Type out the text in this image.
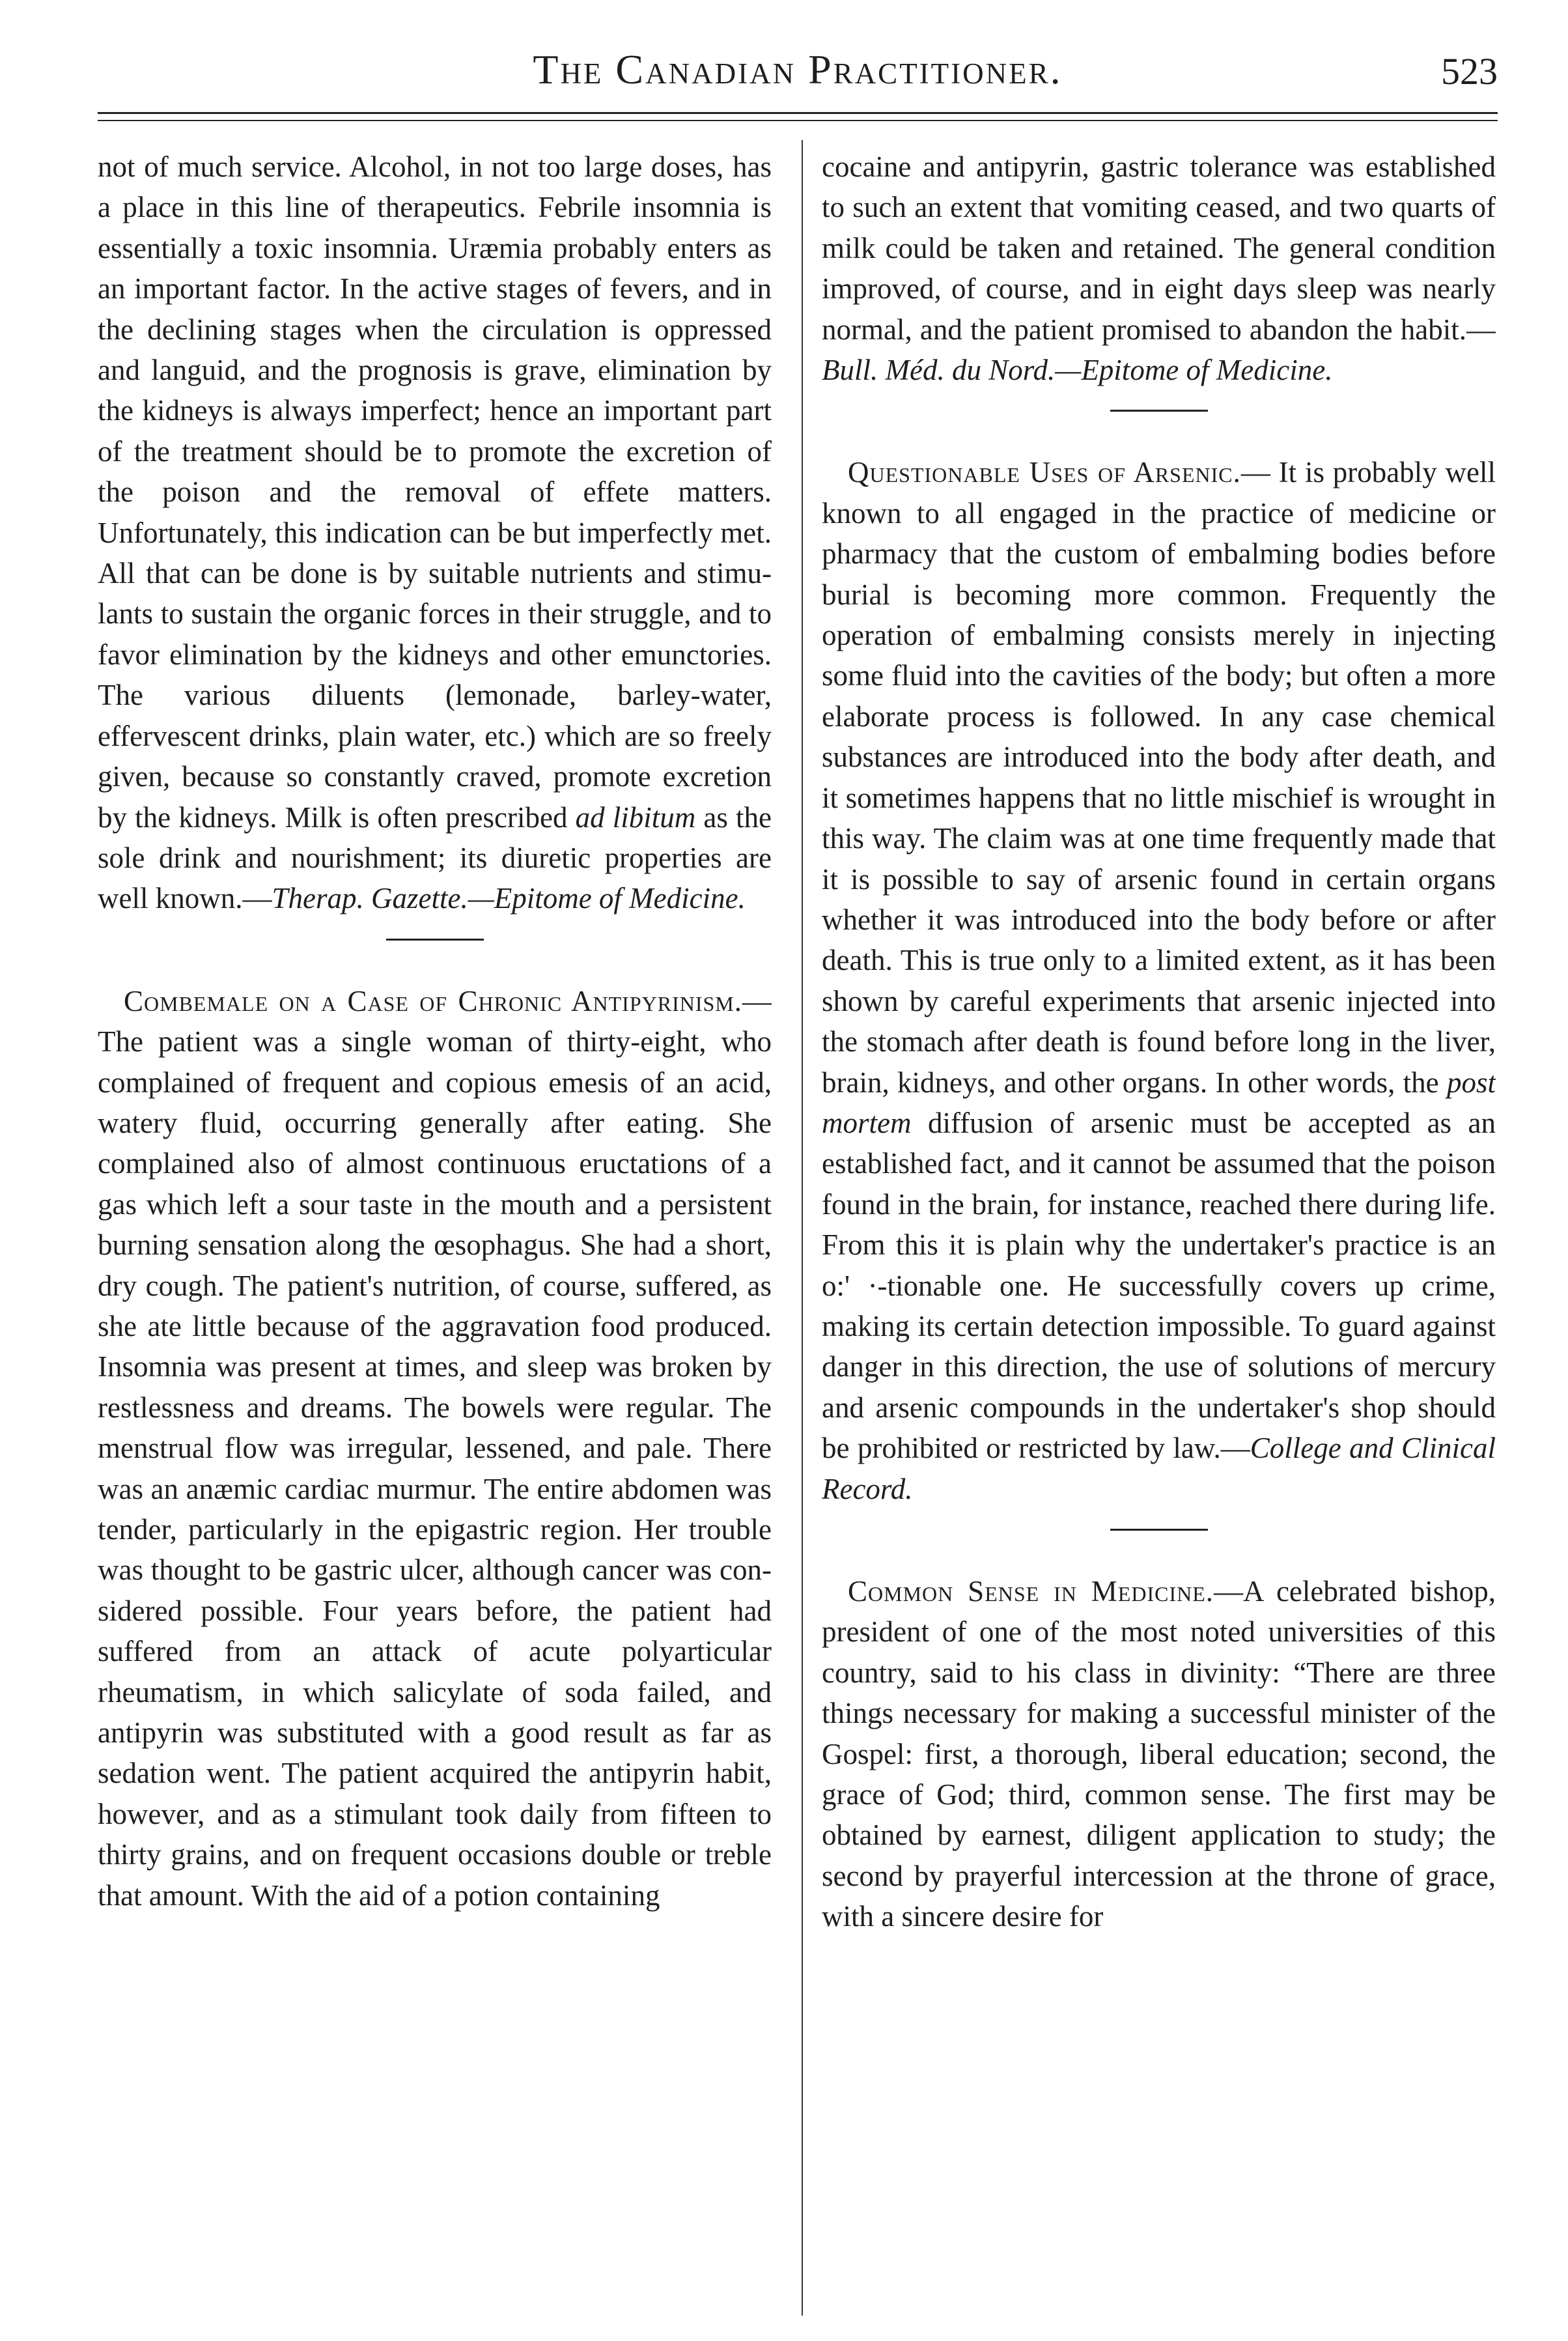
The Canadian Practitioner.	523

not of much service. Alcohol, in not too large doses, has a place in this line of therapeutics. Febrile insomnia is essentially a toxic insomnia. Uræmia probably enters as an important factor. In the active stages of fevers, and in the declining stages when the circulation is oppressed and languid, and the prognosis is grave, elimination by the kidneys is always imperfect; hence an important part of the treatment should be to promote the excretion of the poison and the removal of effete matters. Unfortunately, this indication can be but imperfectly met. All that can be done is by suitable nutrients and stimulants to sustain the organic forces in their struggle, and to favor elimination by the kidneys and other emunctories. The various diluents (lemonade, barley-water, effervescent drinks, plain water, etc.) which are so freely given, because so constantly craved, promote excretion by the kidneys. Milk is often prescribed ad libitum as the sole drink and nourishment; its diuretic properties are well known.—Therap. Gazette.—Epitome of Medicine.

Combemale on a Case of Chronic Antipyrinism.—The patient was a single woman of thirty-eight, who complained of frequent and copious emesis of an acid, watery fluid, occurring generally after eating. She complained also of almost continuous eructations of a gas which left a sour taste in the mouth and a persistent burning sensation along the œsophagus. She had a short, dry cough. The patient's nutrition, of course, suffered, as she ate little because of the aggravation food produced. Insomnia was present at times, and sleep was broken by restlessness and dreams. The bowels were regular. The menstrual flow was irregular, lessened, and pale. There was an anæmic cardiac murmur. The entire abdomen was tender, particularly in the epigastric region. Her trouble was thought to be gastric ulcer, although cancer was considered possible. Four years before, the patient had suffered from an attack of acute polyarticular rheumatism, in which salicylate of soda failed, and antipyrin was substituted with a good result as far as sedation went. The patient acquired the antipyrin habit, however, and as a stimulant took daily from fifteen to thirty grains, and on frequent occasions double or treble that amount. With the aid of a potion containing

cocaine and antipyrin, gastric tolerance was established to such an extent that vomiting ceased, and two quarts of milk could be taken and retained. The general condition improved, of course, and in eight days sleep was nearly normal, and the patient promised to abandon the habit.—Bull. Méd. du Nord.—Epitome of Medicine.

Questionable Uses of Arsenic.— It is probably well known to all engaged in the practice of medicine or pharmacy that the custom of embalming bodies before burial is becoming more common. Frequently the operation of embalming consists merely in injecting some fluid into the cavities of the body; but often a more elaborate process is followed. In any case chemical substances are introduced into the body after death, and it sometimes happens that no little mischief is wrought in this way. The claim was at one time frequently made that it is possible to say of arsenic found in certain organs whether it was introduced into the body before or after death. This is true only to a limited extent, as it has been shown by careful experiments that arsenic injected into the stomach after death is found before long in the liver, brain, kidneys, and other organs. In other words, the post mortem diffusion of arsenic must be accepted as an established fact, and it cannot be assumed that the poison found in the brain, for instance, reached there during life. From this it is plain why the undertaker's practice is an o:' ·-tionable one. He successfully covers up crime, making its certain detection impossible. To guard against danger in this direction, the use of solutions of mercury and arsenic compounds in the undertaker's shop should be prohibited or restricted by law.—College and Clinical Record.

Common Sense in Medicine.—A celebrated bishop, president of one of the most noted universities of this country, said to his class in divinity: “There are three things necessary for making a successful minister of the Gospel: first, a thorough, liberal education; second, the grace of God; third, common sense. The first may be obtained by earnest, diligent application to study; the second by prayerful intercession at the throne of grace, with a sincere desire for
